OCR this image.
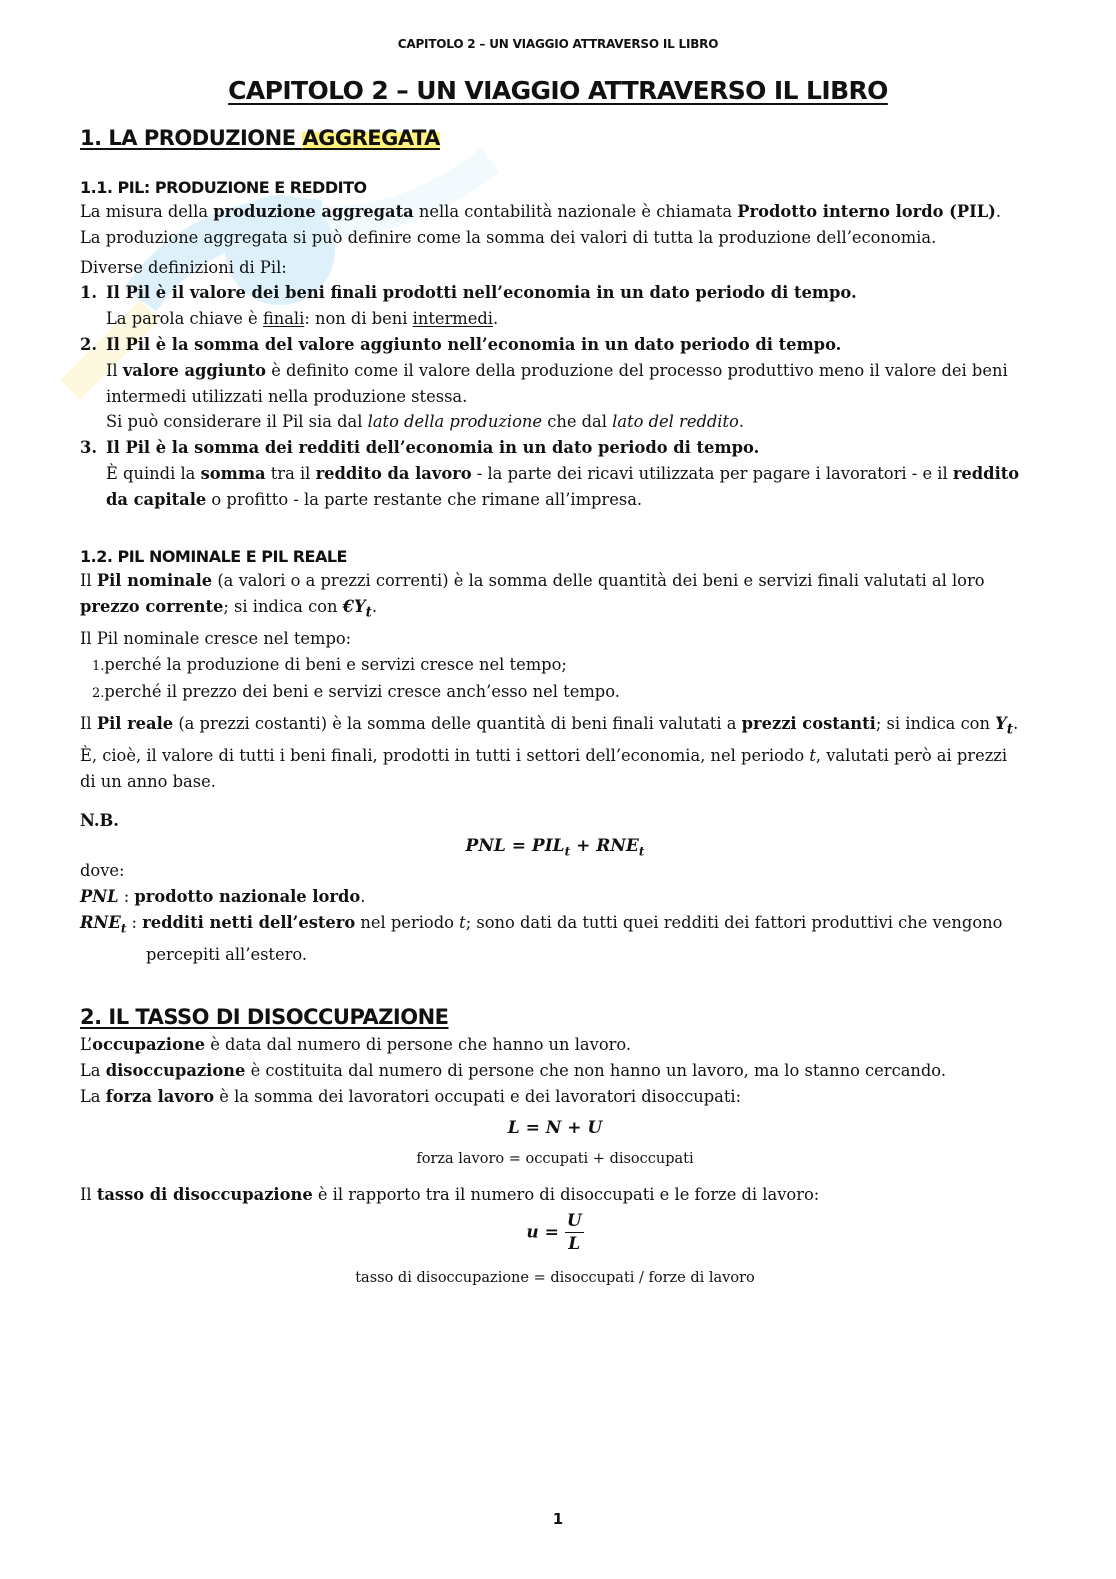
CAPITOLO 2 – UN VIAGGIO ATTRAVERSO IL LIBRO
CAPITOLO 2 – UN VIAGGIO ATTRAVERSO IL LIBRO
1. LA PRODUZIONE AGGREGATA
1.1. PIL: PRODUZIONE E REDDITO

La misura della produzione aggregata nella contabilità nazionale è chiamata Prodotto interno lordo (PIL).

La produzione aggregata si può definire come la somma dei valori di tutta la produzione dell’economia.

Diverse definizioni di Pil:

1. Il Pil è il valore dei beni finali prodotti nell’economia in un dato periodo di tempo.
La parola chiave è finali: non di beni intermedi.
2. Il Pil è la somma del valore aggiunto nell’economia in un dato periodo di tempo.
Il valore aggiunto è definito come il valore della produzione del processo produttivo meno il valore dei beni
intermedi utilizzati nella produzione stessa.
Si può considerare il Pil sia dal lato della produzione che dal lato del reddito.
3. Il Pil è la somma dei redditi dell’economia in un dato periodo di tempo.
È quindi la somma tra il reddito da lavoro - la parte dei ricavi utilizzata per pagare i lavoratori - e il reddito
da capitale o profitto - la parte restante che rimane all’impresa.
1.2. PIL NOMINALE E PIL REALE

Il Pil nominale (a valori o a prezzi correnti) è la somma delle quantità dei beni e servizi finali valutati al loro

prezzo corrente; si indica con $€Y_t$.

Il Pil nominale cresce nel tempo:

1.perché la produzione di beni e servizi cresce nel tempo;
2.perché il prezzo dei beni e servizi cresce anch’esso nel tempo.

Il Pil reale (a prezzi costanti) è la somma delle quantità di beni finali valutati a prezzi costanti; si indica con $Y_t$.

È, cioè, il valore di tutti i beni finali, prodotti in tutti i settori dell’economia, nel periodo t, valutati però ai prezzi

di un anno base.

N.B.

PNL = $PIL_t + RNE_t$

dove:

PNL : prodotto nazionale lordo.
$RNE_t$ : redditi netti dell’estero nel periodo t; sono dati da tutti quei redditi dei fattori produttivi che vengono
percepiti all’estero.
2. IL TASSO DI DISOCCUPAZIONE

L’occupazione è data dal numero di persone che hanno un lavoro.

La disoccupazione è costituita dal numero di persone che non hanno un lavoro, ma lo stanno cercando.

La forza lavoro è la somma dei lavoratori occupati e dei lavoratori disoccupati:

L = N + U
forza lavoro = occupati + disoccupati

Il tasso di disoccupazione è il rapporto tra il numero di disoccupati e le forze di lavoro:

$u = \frac{U}{L}$
tasso di disoccupazione = disoccupati / forze di lavoro
1
